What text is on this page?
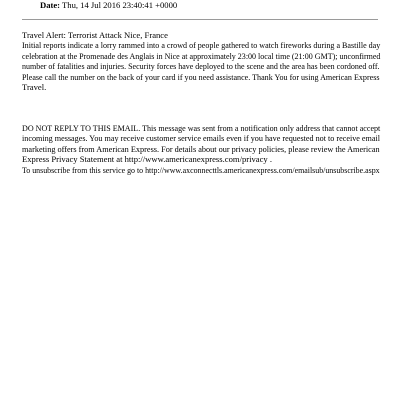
Date: Thu, 14 Jul 2016 23:40:41 +0000
Travel Alert: Terrorist Attack Nice, France
Initial reports indicate a lorry rammed into a crowd of people gathered to watch fireworks during a Bastille day
celebration at the Promenade des Anglais in Nice at approximately 23:00 local time (21:00 GMT); unconfirmed
number of fatalities and injuries. Security forces have deployed to the scene and the area has been cordoned off.
Please call the number on the back of your card if you need assistance. Thank You for using American Express
Travel.
DO NOT REPLY TO THIS EMAIL. This message was sent from a notification only address that cannot accept
incoming messages. You may receive customer service emails even if you have requested not to receive email
marketing offers from American Express. For details about our privacy policies, please review the American
Express Privacy Statement at http://www.americanexpress.com/privacy .
To unsubscribe from this service go to http://www.axconnecttls.americanexpress.com/emailsub/unsubscribe.aspx
